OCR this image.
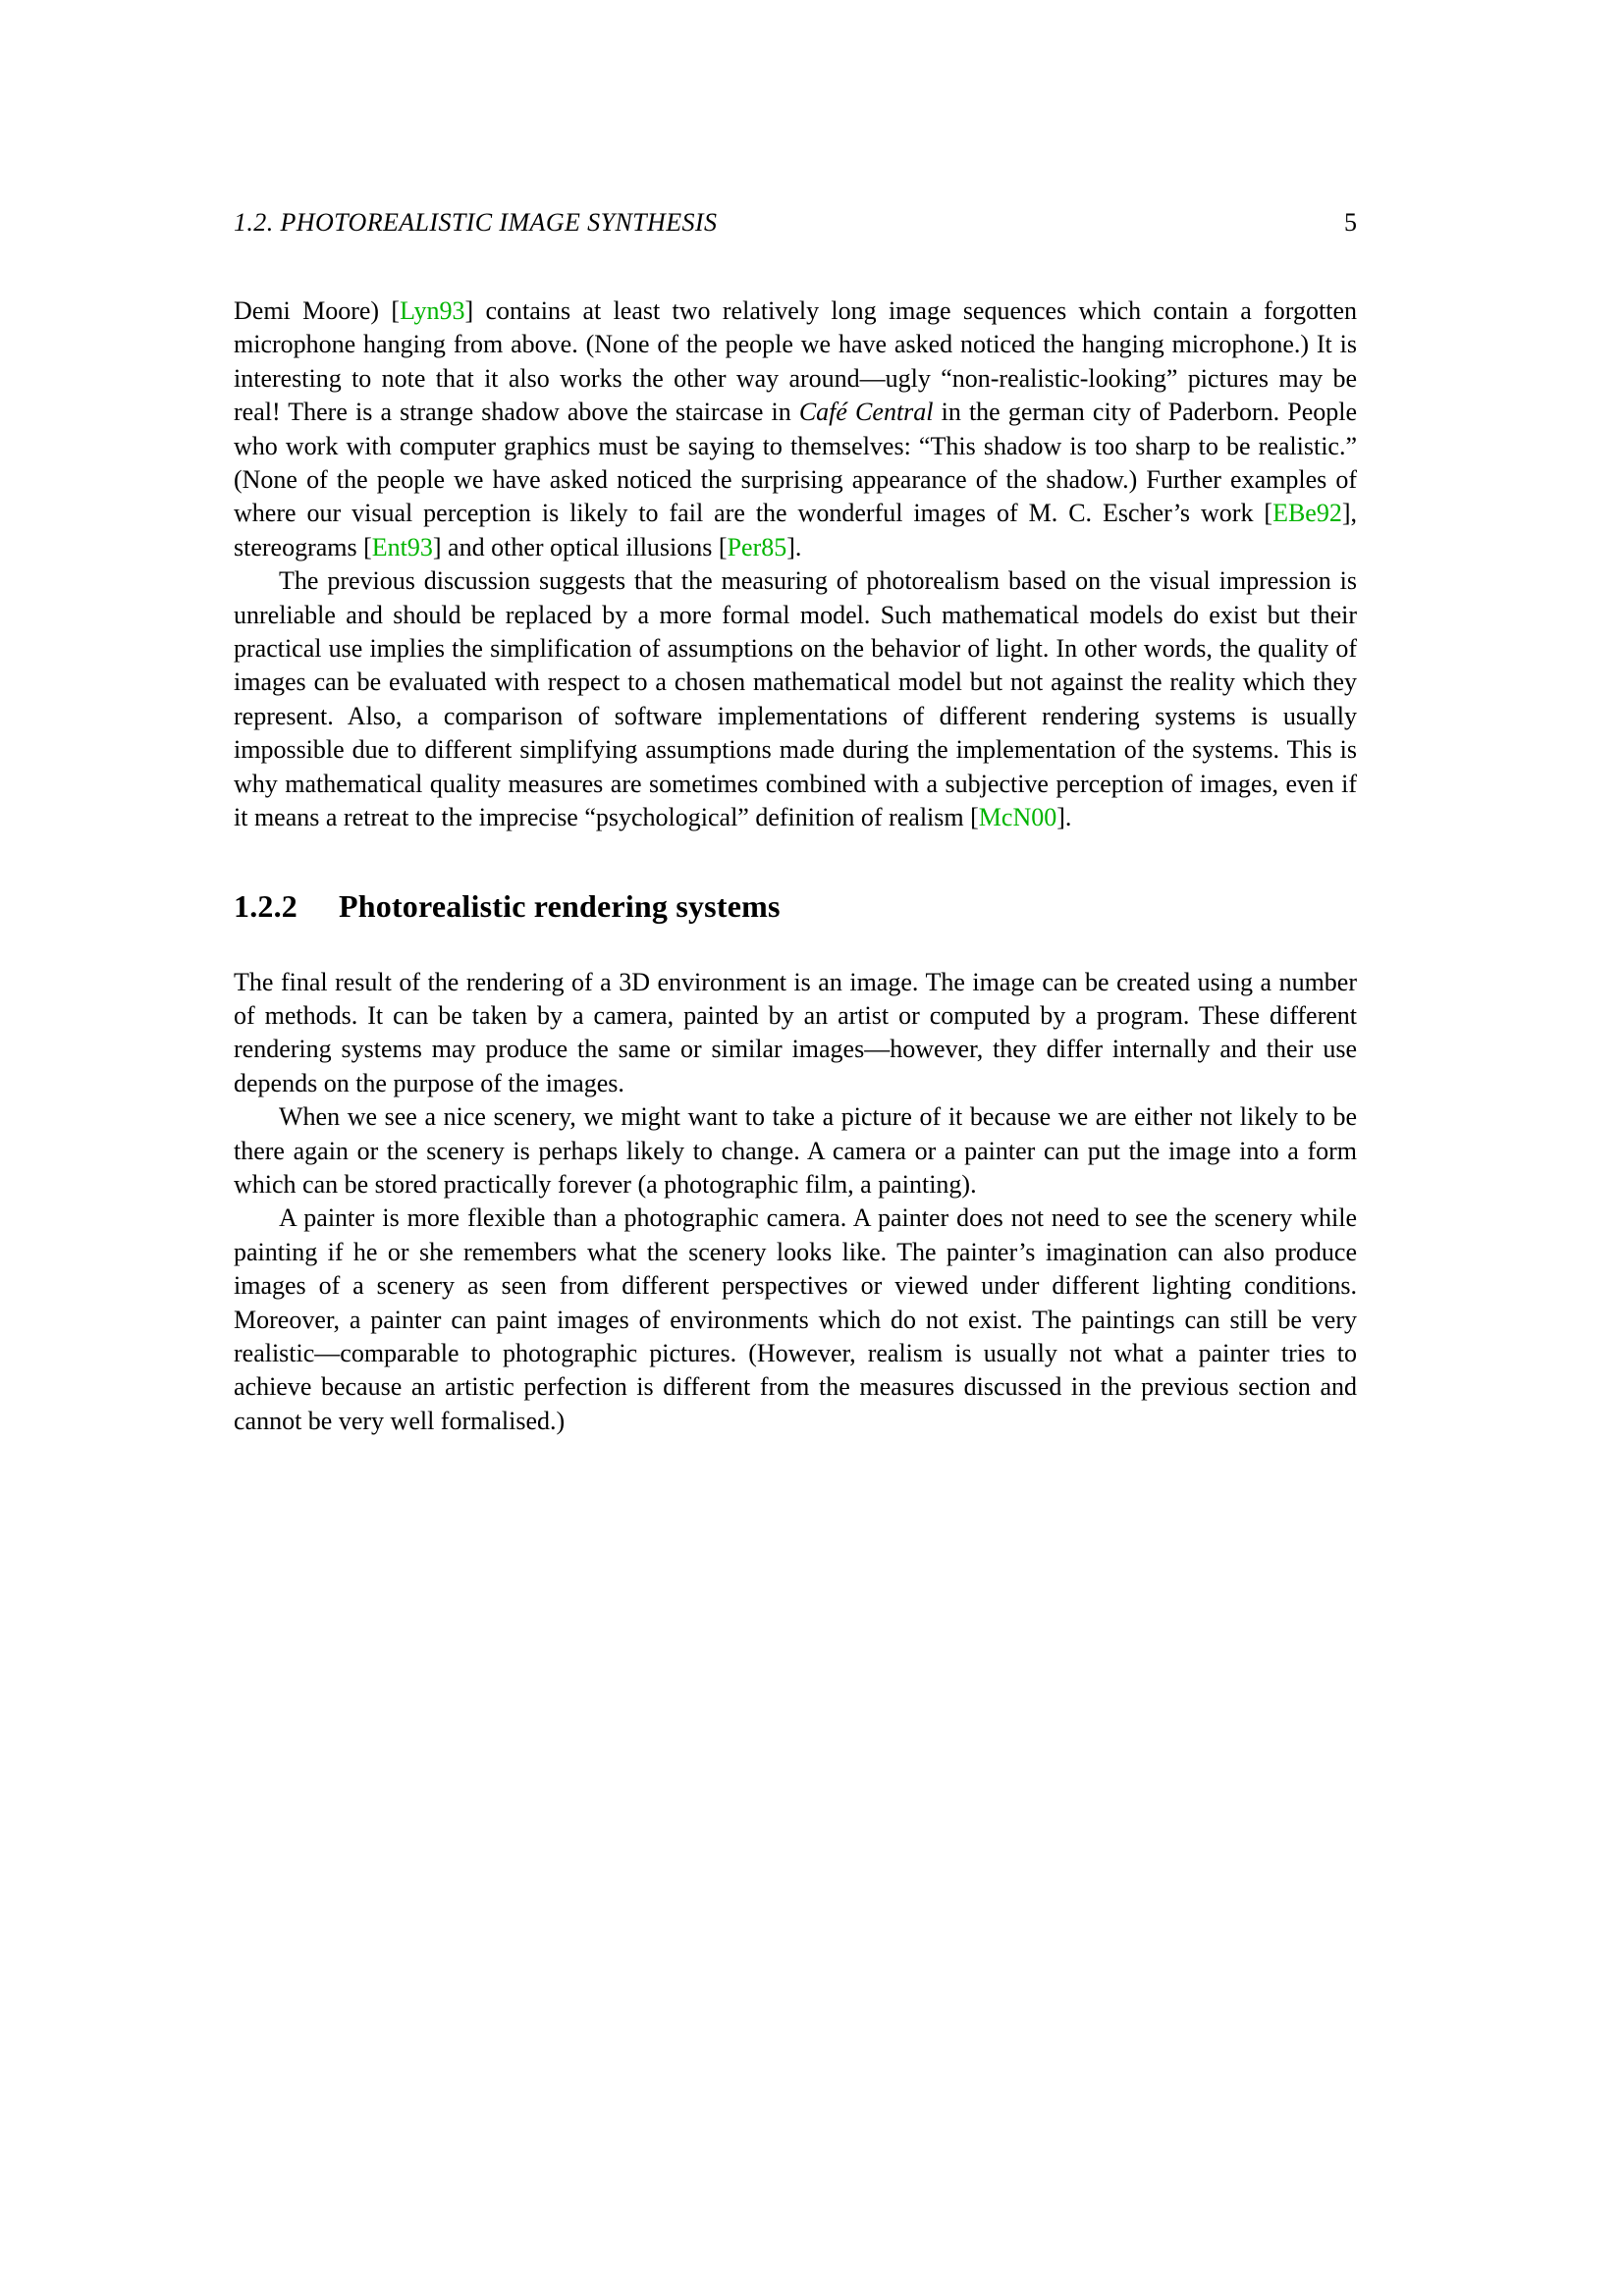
1.2. PHOTOREALISTIC IMAGE SYNTHESIS	5

Demi Moore) [Lyn93] contains at least two relatively long image sequences which contain a forgotten microphone hanging from above. (None of the people we have asked noticed the hanging microphone.) It is interesting to note that it also works the other way around—ugly “non-realistic-looking” pictures may be real! There is a strange shadow above the staircase in Café Central in the german city of Paderborn. People who work with computer graphics must be saying to themselves: “This shadow is too sharp to be realistic.” (None of the people we have asked noticed the surprising appearance of the shadow.) Further examples of where our visual perception is likely to fail are the wonderful images of M. C. Escher’s work [EBe92], stereograms [Ent93] and other optical illusions [Per85].

The previous discussion suggests that the measuring of photorealism based on the visual impression is unreliable and should be replaced by a more formal model. Such mathematical models do exist but their practical use implies the simplification of assumptions on the behavior of light. In other words, the quality of images can be evaluated with respect to a chosen mathematical model but not against the reality which they represent. Also, a comparison of software implementations of different rendering systems is usually impossible due to different simplifying assumptions made during the implementation of the systems. This is why mathematical quality measures are sometimes combined with a subjective perception of images, even if it means a retreat to the imprecise “psychological” definition of realism [McN00].

1.2.2 Photorealistic rendering systems

The final result of the rendering of a 3D environment is an image. The image can be created using a number of methods. It can be taken by a camera, painted by an artist or computed by a program. These different rendering systems may produce the same or similar images—however, they differ internally and their use depends on the purpose of the images.

When we see a nice scenery, we might want to take a picture of it because we are either not likely to be there again or the scenery is perhaps likely to change. A camera or a painter can put the image into a form which can be stored practically forever (a photographic film, a painting).

A painter is more flexible than a photographic camera. A painter does not need to see the scenery while painting if he or she remembers what the scenery looks like. The painter’s imagination can also produce images of a scenery as seen from different perspectives or viewed under different lighting conditions. Moreover, a painter can paint images of environments which do not exist. The paintings can still be very realistic—comparable to photographic pictures. (However, realism is usually not what a painter tries to achieve because an artistic perfection is different from the measures discussed in the previous section and cannot be very well formalised.)
